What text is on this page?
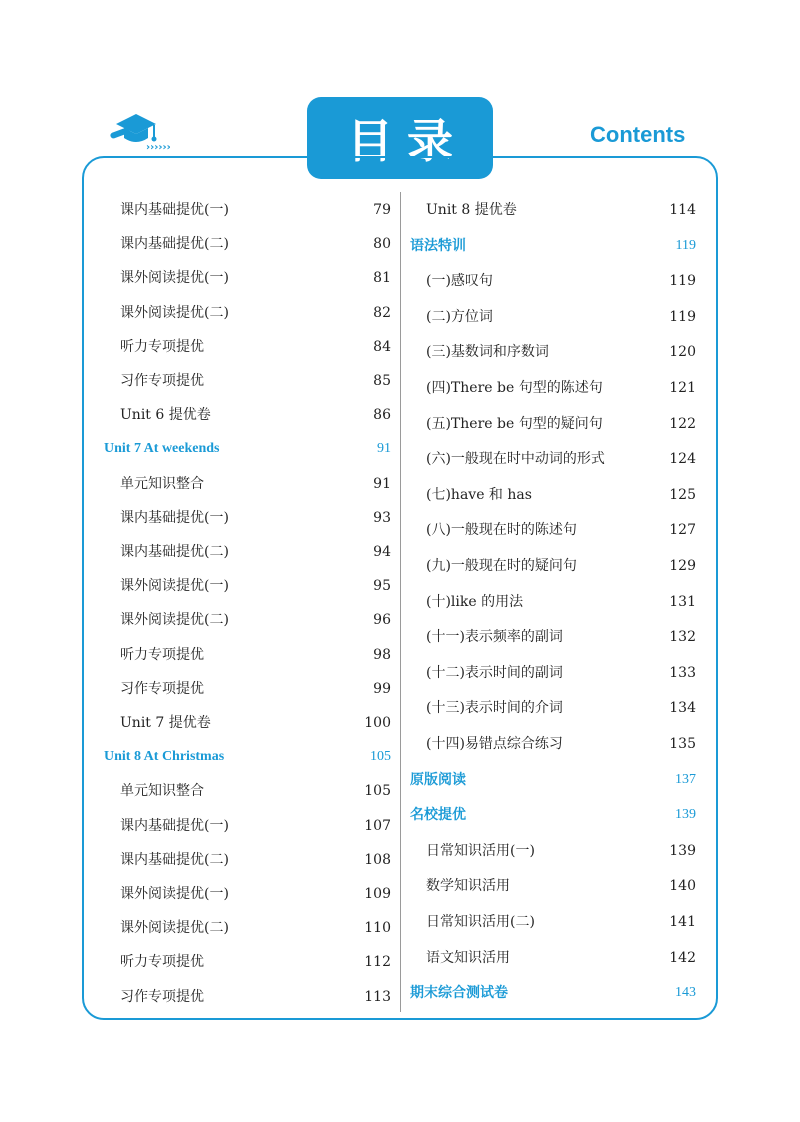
››››››	目录	Contents
课内基础提优(一)	79
课内基础提优(二)	80
课外阅读提优(一)	81
课外阅读提优(二)	82
听力专项提优	84
习作专项提优	85
Unit 6 提优卷	86
Unit 7 At weekends	91
单元知识整合	91
课内基础提优(一)	93
课内基础提优(二)	94
课外阅读提优(一)	95
课外阅读提优(二)	96
听力专项提优	98
习作专项提优	99
Unit 7 提优卷	100
Unit 8 At Christmas	105
单元知识整合	105
课内基础提优(一)	107
课内基础提优(二)	108
课外阅读提优(一)	109
课外阅读提优(二)	110
听力专项提优	112
习作专项提优	113
Unit 8 提优卷	114
语法特训	119
(一)感叹句	119
(二)方位词	119
(三)基数词和序数词	120
(四)There be 句型的陈述句	121
(五)There be 句型的疑问句	122
(六)一般现在时中动词的形式	124
(七)have 和 has	125
(八)一般现在时的陈述句	127
(九)一般现在时的疑问句	129
(十)like 的用法	131
(十一)表示频率的副词	132
(十二)表示时间的副词	133
(十三)表示时间的介词	134
(十四)易错点综合练习	135
原版阅读	137
名校提优	139
日常知识活用(一)	139
数学知识活用	140
日常知识活用(二)	141
语文知识活用	142
期末综合测试卷	143
